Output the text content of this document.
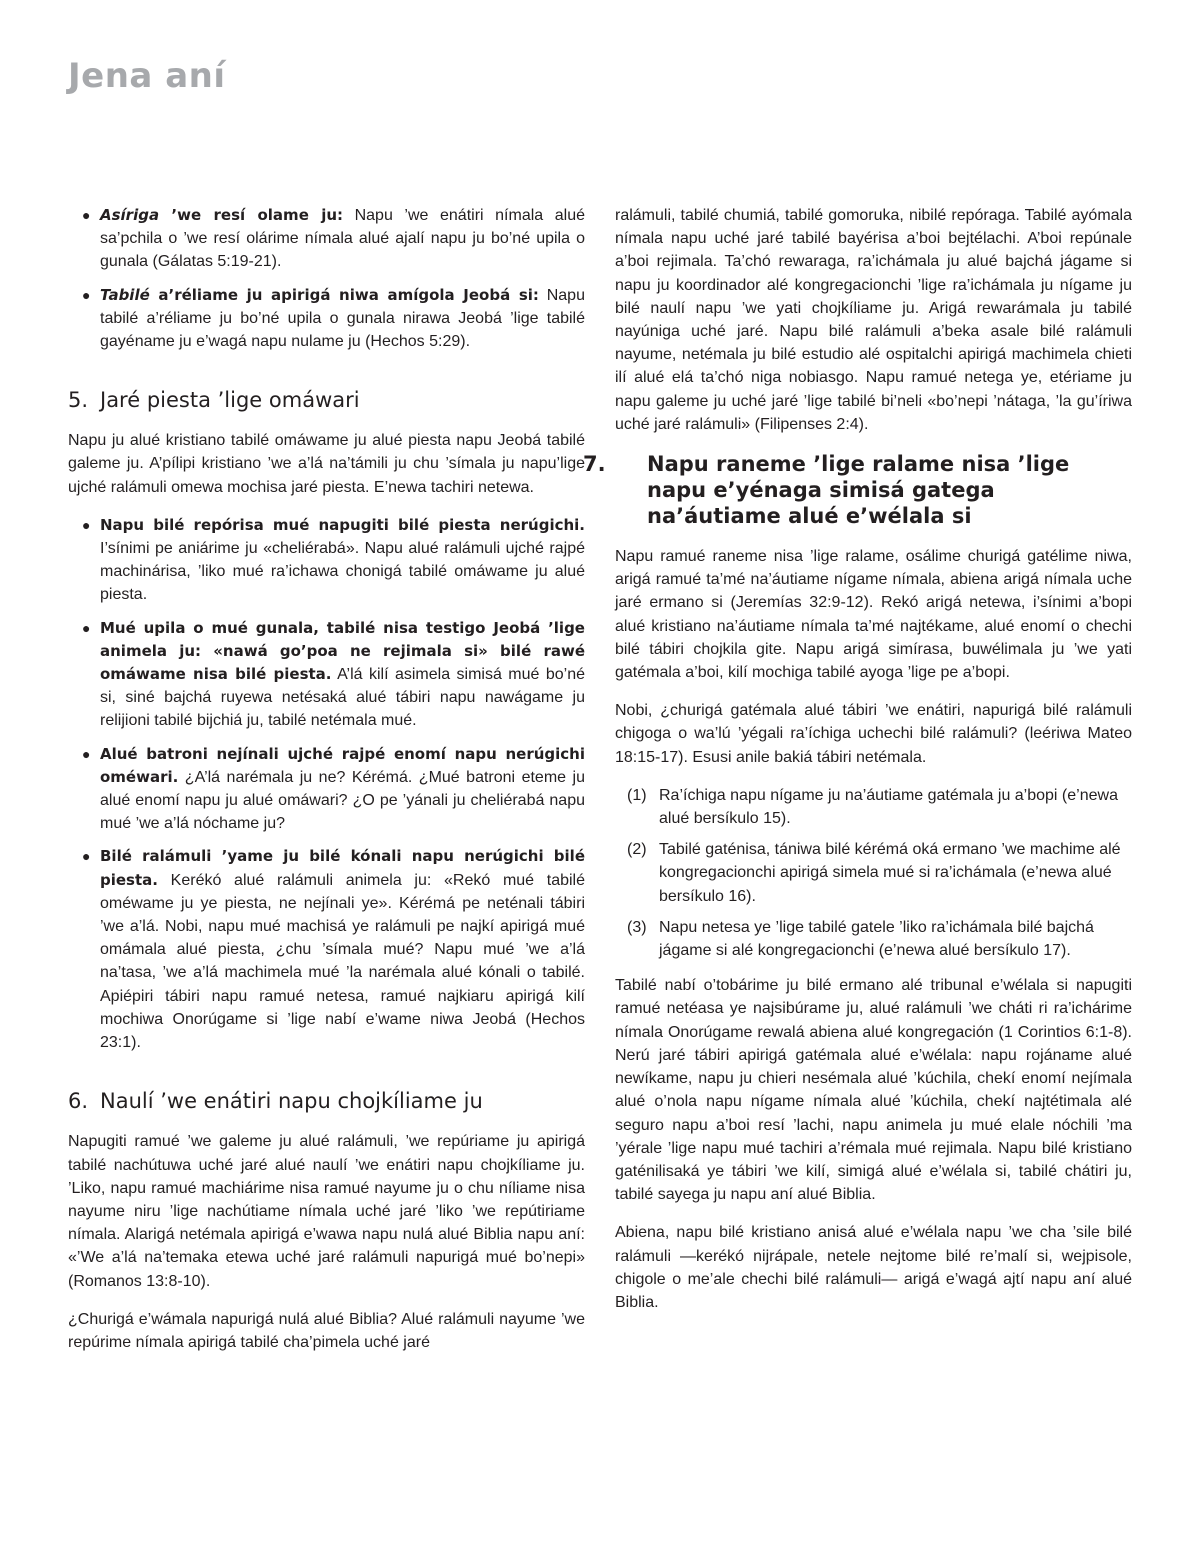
Jena aní
● Asíriga ’we resí olame ju: Napu ’we enátiri nímala alué sa’pchila o ’we resí olárime nímala alué ajalí napu ju bo’né upila o gunala (Gálatas 5:19-21).
● Tabilé a’réliame ju apirigá niwa amígola Jeobá si: Napu tabilé a’réliame ju bo’né upila o gunala nirawa Jeobá ’lige tabilé gayéname ju e’wagá napu nulame ju (Hechos 5:29).
5. Jaré piesta ’lige omáwari

Napu ju alué kristiano tabilé omáwame ju alué piesta napu Jeobá tabilé galeme ju. A’pílipi kristiano ’we a’lá na’támili ju chu ’símala ju napu’lige ujché ralámuli omewa mochisa jaré piesta. E’newa tachiri netewa.

● Napu bilé repórisa mué napugiti bilé piesta nerúgichi. I’sínimi pe aniárime ju «cheliérabá». Napu alué ralámuli ujché rajpé machinárisa, ’liko mué ra’ichawa chonigá tabilé omáwame ju alué piesta.
● Mué upila o mué gunala, tabilé nisa testigo Jeobá ’lige animela ju: «nawá go’poa ne rejimala si» bilé rawé omáwame nisa bilé piesta. A’lá kilí asimela simisá mué bo’né si, siné bajchá ruyewa netésaká alué tábiri napu nawágame ju relijioni tabilé bijchiá ju, tabilé netémala mué.
● Alué batroni nejínali ujché rajpé enomí napu nerúgichi oméwari. ¿A’lá narémala ju ne? Kérémá. ¿Mué batroni eteme ju alué enomí napu ju alué omáwari? ¿O pe ’yánali ju cheliérabá napu mué ’we a’lá nóchame ju?
● Bilé ralámuli ’yame ju bilé kónali napu nerúgichi bilé piesta. Kerékó alué ralámuli animela ju: «Rekó mué tabilé oméwame ju ye piesta, ne nejínali ye». Kérémá pe neténali tábiri ’we a’lá. Nobi, napu mué machisá ye ralámuli pe najkí apirigá mué omámala alué piesta, ¿chu ’símala mué? Napu mué ’we a’lá na’tasa, ’we a’lá machimela mué ’la narémala alué kónali o tabilé. Apiépiri tábiri napu ramué netesa, ramué najkiaru apirigá kilí mochiwa Onorúgame si ’lige nabí e’wame niwa Jeobá (Hechos 23:1).
6. Naulí ’we enátiri napu chojkíliame ju

Napugiti ramué ’we galeme ju alué ralámuli, ’we repúriame ju apirigá tabilé nachútuwa uché jaré alué naulí ’we enátiri napu chojkíliame ju. ’Liko, napu ramué machiárime nisa ramué nayume ju o chu níliame nisa nayume niru ’lige nachútiame nímala uché jaré ’liko ’we repútiriame nímala. Alarigá netémala apirigá e’wawa napu nulá alué Biblia napu aní: «’We a’lá na’temaka etewa uché jaré ralámuli napurigá mué bo’nepi» (Romanos 13:8-10).

¿Churigá e’wámala napurigá nulá alué Biblia? Alué ralámuli nayume ’we repúrime nímala apirigá tabilé cha’pimela uché jaré

ralámuli, tabilé chumiá, tabilé gomoruka, nibilé repóraga. Tabilé ayómala nímala napu uché jaré tabilé bayérisa a’boi bejtélachi. A’boi repúnale a’boi rejimala. Ta’chó rewaraga, ra’ichámala ju alué bajchá jágame si napu ju koordinador alé kongregacionchi ’lige ra’ichámala ju nígame ju bilé naulí napu ’we yati chojkíliame ju. Arigá rewarámala ju tabilé nayúniga uché jaré. Napu bilé ralámuli a’beka asale bilé ralámuli nayume, netémala ju bilé estudio alé ospitalchi apirigá machimela chieti ilí alué elá ta’chó niga nobiasgo. Napu ramué netega ye, etériame ju napu galeme ju uché jaré ’lige tabilé bi’neli «bo’nepi ’nátaga, ’la gu’íriwa uché jaré ralámuli» (Filipenses 2:4).

7. Napu raneme ’lige ralame nisa ’lige napu e’yénaga simisá gatega na’áutiame alué e’wélala si

Napu ramué raneme nisa ’lige ralame, osálime churigá gatélime niwa, arigá ramué ta’mé na’áutiame nígame nímala, abiena arigá nímala uche jaré ermano si (Jeremías 32:9-12). Rekó arigá netewa, i’sínimi a’bopi alué kristiano na’áutiame nímala ta’mé najtékame, alué enomí o chechi bilé tábiri chojkila gite. Napu arigá simírasa, buwélimala ju ’we yati gatémala a’boi, kilí mochiga tabilé ayoga ’lige pe a’bopi.

Nobi, ¿churigá gatémala alué tábiri ’we enátiri, napurigá bilé ralámuli chigoga o wa’lú ’yégali ra’íchiga uchechi bilé ralámuli? (leériwa Mateo 18:15-17). Esusi anile bakiá tábiri netémala.

(1) Ra’íchiga napu nígame ju na’áutiame gatémala ju a’bopi (e’newa alué bersíkulo 15).
(2) Tabilé gaténisa, tániwa bilé kérémá oká ermano ’we machime alé kongregacionchi apirigá simela mué si ra’ichámala (e’newa alué bersíkulo 16).
(3) Napu netesa ye ’lige tabilé gatele ’liko ra’ichámala bilé bajchá jágame si alé kongregacionchi (e’newa alué bersíkulo 17).

Tabilé nabí o’tobárime ju bilé ermano alé tribunal e’wélala si napugiti ramué netéasa ye najsibúrame ju, alué ralámuli ’we cháti ri ra’ichárime nímala Onorúgame rewalá abiena alué kongregación (1 Corintios 6:1-8). Nerú jaré tábiri apirigá gatémala alué e’wélala: napu rojáname alué newíkame, napu ju chieri nesémala alué ’kúchila, chekí enomí nejímala alué o’nola napu nígame nímala alué ’kúchila, chekí najtétimala alé seguro napu a’boi resí ’lachi, napu animela ju mué elale nóchili ’ma ’yérale ’lige napu mué tachiri a’rémala mué rejimala. Napu bilé kristiano gaténilisaká ye tábiri ’we kilí, simigá alué e’wélala si, tabilé chátiri ju, tabilé sayega ju napu aní alué Biblia.

Abiena, napu bilé kristiano anisá alué e’wélala napu ’we cha ’sile bilé ralámuli —kerékó nijrápale, netele nejtome bilé re’malí si, wejpisole, chigole o me’ale chechi bilé ralámuli— arigá e’wagá ajtí napu aní alué Biblia.
